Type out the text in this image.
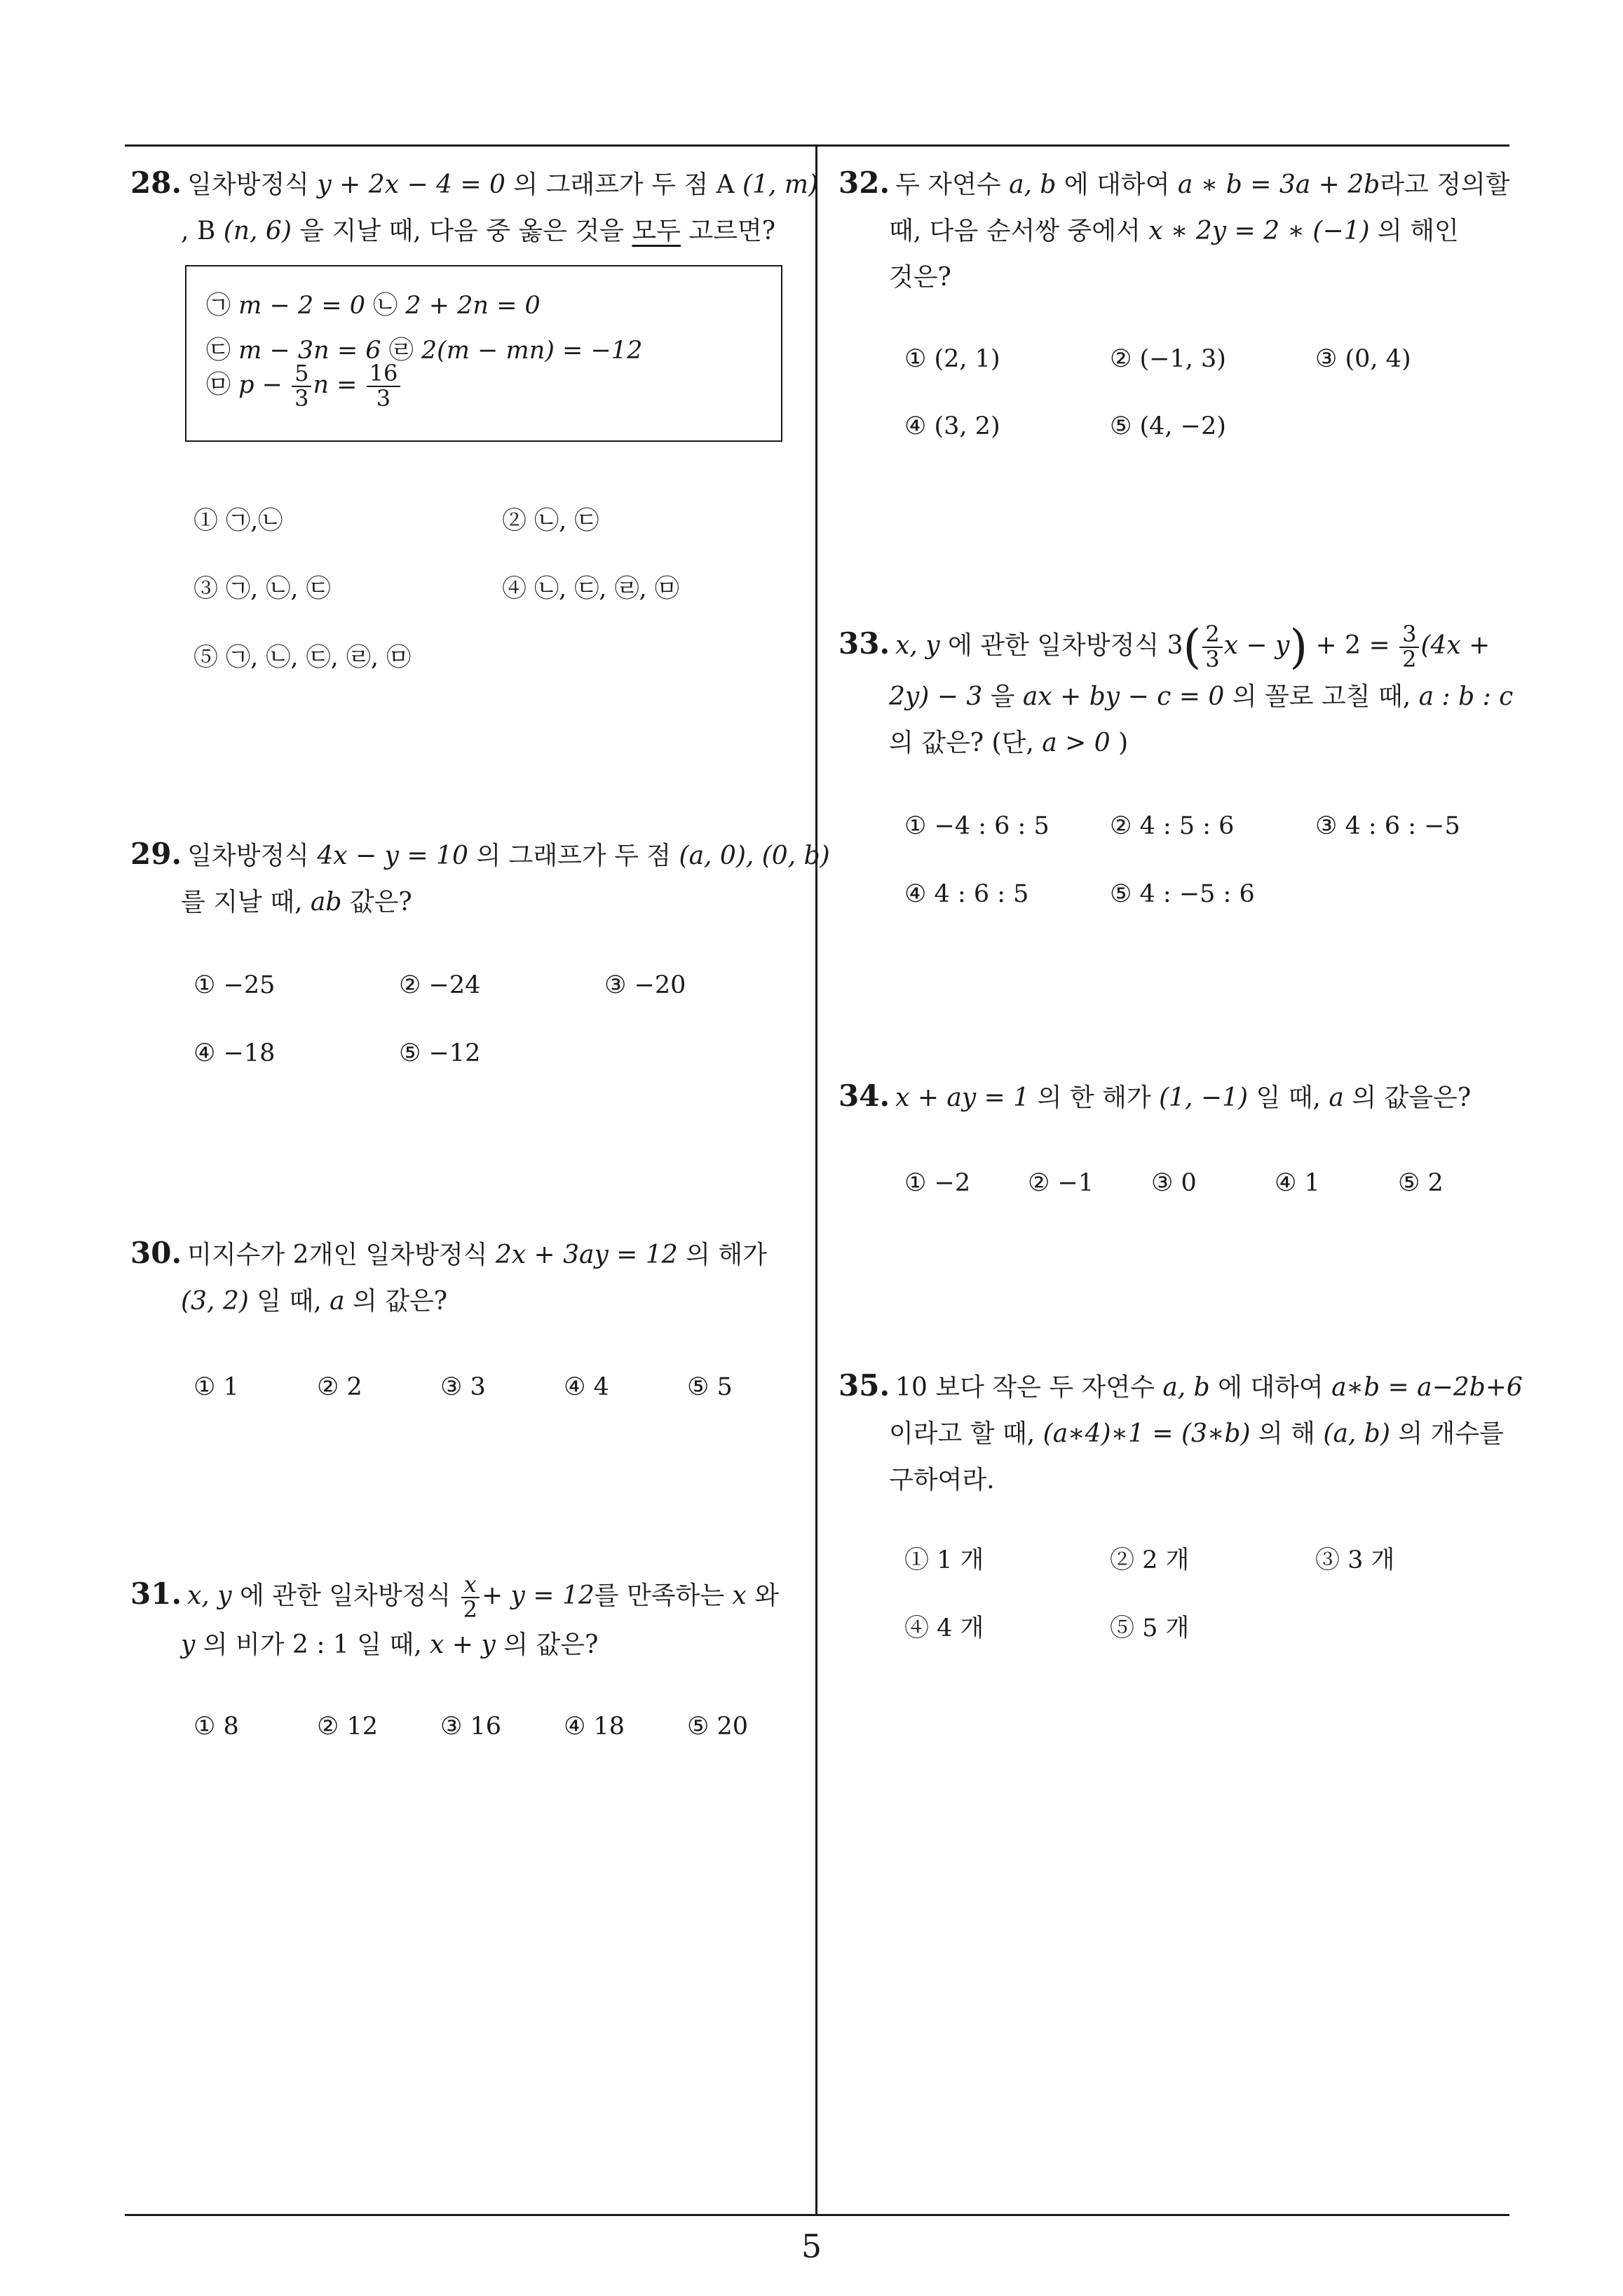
5
28. 일차방정식 y + 2x − 4 = 0 의 그래프가 두 점 A (1, m)
, B (n, 6) 을 지날 때, 다음 중 옳은 것을 모두 고르면?
㉠ m − 2 = 0 ㉡ 2 + 2n = 0
㉢ m − 3n = 6 ㉣ 2(m − mn) = −12
㉤ $p - \frac{5}{3}$ $n = \frac{16}{3}$
① ㉠,㉡	② ㉡, ㉢
③ ㉠, ㉡, ㉢	④ ㉡, ㉢, ㉣, ㉤
⑤ ㉠, ㉡, ㉢, ㉣, ㉤
29. 일차방정식 4x − y = 10 의 그래프가 두 점 (a, 0), (0, b)
를 지날 때, ab 값은?
① −25	② −24	③ −20
④ −18	⑤ −12
30. 미지수가 2개인 일차방정식 2x + 3ay = 12 의 해가
(3, 2) 일 때, a 의 값은?
① 1	② 2	③ 3	④ 4	⑤ 5
31. x, y 에 관한 일차방정식 $\frac{x}{2} + y = 12$를 만족하는 x 와
y 의 비가 2 : 1 일 때, x + y 의 값은?
① 8	② 12	③ 16	④ 18	⑤ 20
32. 두 자연수 a, b 에 대하여 a ∗ b = 3a + 2b라고 정의할
때, 다음 순서쌍 중에서 x ∗ 2y = 2 ∗ (−1) 의 해인
것은?
① (2, 1)	② (−1, 3)	③ (0, 4)
④ (3, 2)	⑤ (4, −2)
33. x, y 에 관한 일차방정식 $3( \frac{2}{3}$ $x - y) + 2 = \frac{3}{2} (4x$ +
2y) − 3 을 ax + by − c = 0 의 꼴로 고칠 때, a : b : c
의 값은? (단, a > 0 )
① −4 : 6 : 5 ② 4 : 5 : 6	③ 4 : 6 : −5
④ 4 : 6 : 5	⑤ 4 : −5 : 6
34. x + ay = 1 의 한 해가 (1, −1) 일 때, a 의 값을은?
① −2 ② −1 ③ 0	④ 1	⑤ 2
35. 10 보다 작은 두 자연수 a, b 에 대하여 a∗b = a−2b+6
이라고 할 때, (a∗4)∗1 = (3∗b) 의 해 (a, b) 의 개수를
구하여라.
① 1 개	② 2 개	③ 3 개
④ 4 개	⑤ 5 개
